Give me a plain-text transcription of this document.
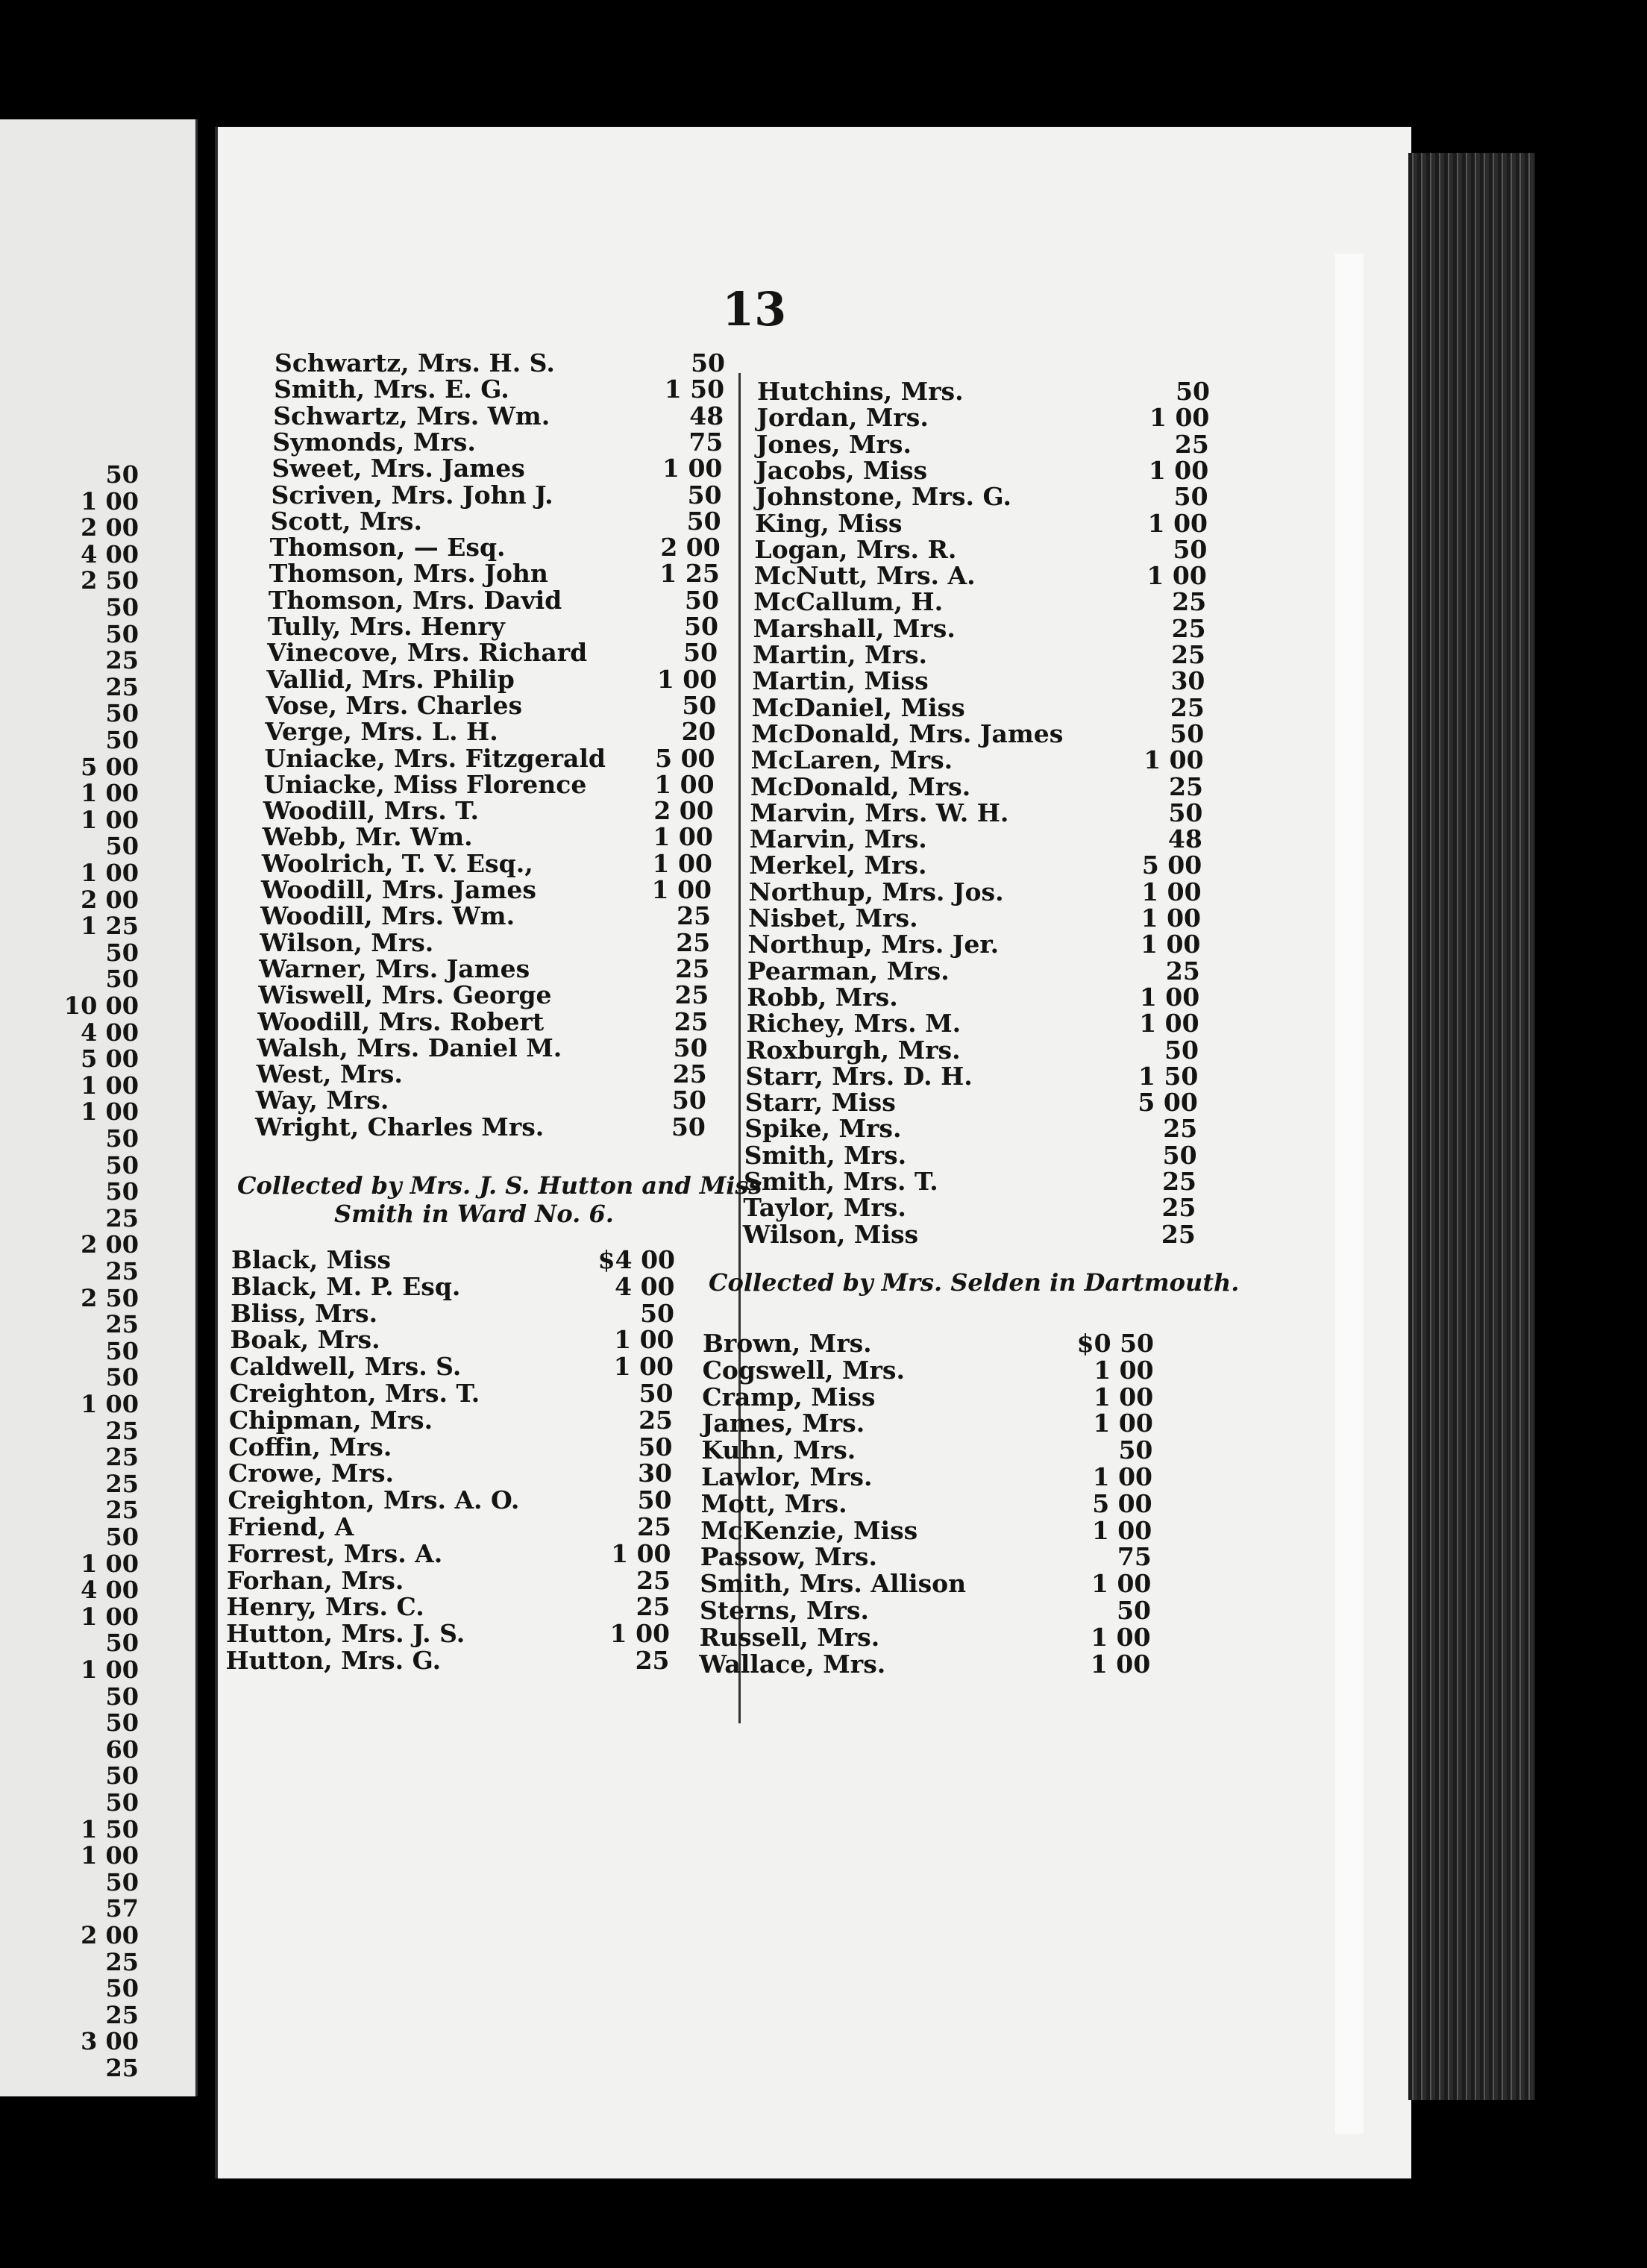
50
1 00
2 00
4 00
2 50
50
50
25
25
50
50
5 00
1 00
1 00
50
1 00
2 00
1 25
50
50
10 00
4 00
5 00
1 00
1 00
50
50
50
25
2 00
25
2 50
25
50
50
1 00
25
25
25
25
50
1 00
4 00
1 00
50
1 00
50
50
60
50
50
1 50
1 00
50
57
2 00
25
50
25
3 00
25
13
Schwartz, Mrs. H. S.	50
Smith, Mrs. E. G.	1 50
Schwartz, Mrs. Wm.	48
Symonds, Mrs.	75
Sweet, Mrs. James	1 00
Scriven, Mrs. John J.	50
Scott, Mrs.	50
Thomson, — Esq.	2 00
Thomson, Mrs. John	1 25
Thomson, Mrs. David	50
Tully, Mrs. Henry	50
Vinecove, Mrs. Richard	50
Vallid, Mrs. Philip	1 00
Vose, Mrs. Charles	50
Verge, Mrs. L. H.	20
Uniacke, Mrs. Fitzgerald	5 00
Uniacke, Miss Florence	1 00
Woodill, Mrs. T.	2 00
Webb, Mr. Wm.	1 00
Woolrich, T. V. Esq.,	1 00
Woodill, Mrs. James	1 00
Woodill, Mrs. Wm.	25
Wilson, Mrs.	25
Warner, Mrs. James	25
Wiswell, Mrs. George	25
Woodill, Mrs. Robert	25
Walsh, Mrs. Daniel M.	50
West, Mrs.	25
Way, Mrs.	50
Wright, Charles Mrs.	50
Collected by Mrs. J. S. Hutton and Miss
Smith in Ward No. 6.
Black, Miss	$4 00
Black, M. P. Esq.	4 00
Bliss, Mrs.	50
Boak, Mrs.	1 00
Caldwell, Mrs. S.	1 00
Creighton, Mrs. T.	50
Chipman, Mrs.	25
Coffin, Mrs.	50
Crowe, Mrs.	30
Creighton, Mrs. A. O.	50
Friend, A	25
Forrest, Mrs. A.	1 00
Forhan, Mrs.	25
Henry, Mrs. C.	25
Hutton, Mrs. J. S.	1 00
Hutton, Mrs. G.	25
Hutchins, Mrs.	50
Jordan, Mrs.	1 00
Jones, Mrs.	25
Jacobs, Miss	1 00
Johnstone, Mrs. G.	50
King, Miss	1 00
Logan, Mrs. R.	50
McNutt, Mrs. A.	1 00
McCallum, H.	25
Marshall, Mrs.	25
Martin, Mrs.	25
Martin, Miss	30
McDaniel, Miss	25
McDonald, Mrs. James	50
McLaren, Mrs.	1 00
McDonald, Mrs.	25
Marvin, Mrs. W. H.	50
Marvin, Mrs.	48
Merkel, Mrs.	5 00
Northup, Mrs. Jos.	1 00
Nisbet, Mrs.	1 00
Northup, Mrs. Jer.	1 00
Pearman, Mrs.	25
Robb, Mrs.	1 00
Richey, Mrs. M.	1 00
Roxburgh, Mrs.	50
Starr, Mrs. D. H.	1 50
Starr, Miss	5 00
Spike, Mrs.	25
Smith, Mrs.	50
Smith, Mrs. T.	25
Taylor, Mrs.	25
Wilson, Miss	25
Collected by Mrs. Selden in Dartmouth.
Brown, Mrs.	$0 50
Cogswell, Mrs.	1 00
Cramp, Miss	1 00
James, Mrs.	1 00
Kuhn, Mrs.	50
Lawlor, Mrs.	1 00
Mott, Mrs.	5 00
McKenzie, Miss	1 00
Passow, Mrs.	75
Smith, Mrs. Allison	1 00
Sterns, Mrs.	50
Russell, Mrs.	1 00
Wallace, Mrs.	1 00
